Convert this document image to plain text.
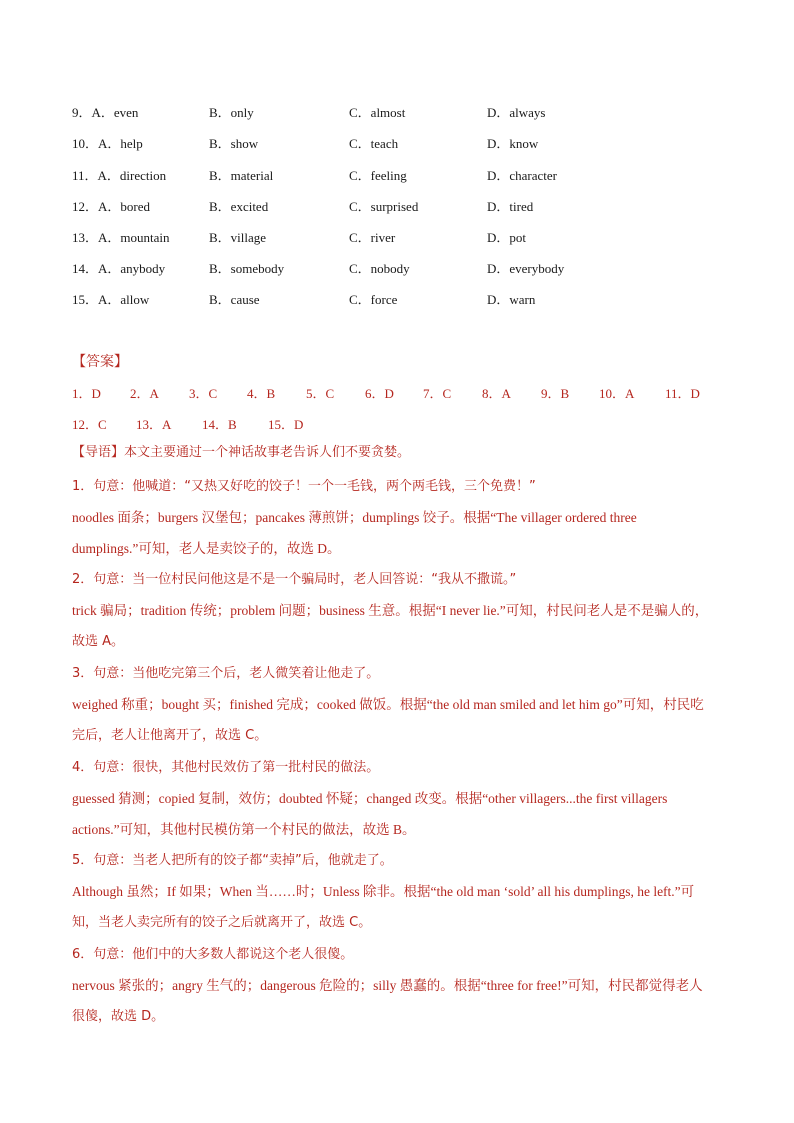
9．A．even	B．only	C．almost	D．always
10．A．help	B．show	C．teach	D．know
11．A．direction	B．material	C．feeling	D．character
12．A．bored	B．excited	C．surprised	D．tired
13．A．mountain	B．village	C．river	D．pot
14．A．anybody	B．somebody	C．nobody	D．everybody
15．A．allow	B．cause	C．force	D．warn
【答案】
1．D 2．A 3．C 4．B 5．C 6．D 7．C 8．A 9．B 10．A 11．D
12．C 13．A 14．B 15．D
【导语】本文主要通过一个神话故事老告诉人们不要贪婪。
1．句意：他喊道：“又热又好吃的饺子！一个一毛钱，两个两毛钱，三个免费！”
noodles 面条；burgers 汉堡包；pancakes 薄煎饼；dumplings 饺子。根据“The villager ordered three
dumplings.”可知，老人是卖饺子的，故选 D。
2．句意：当一位村民问他这是不是一个骗局时，老人回答说：“我从不撒谎。”
trick 骗局；tradition 传统；problem 问题；business 生意。根据“I never lie.”可知，村民问老人是不是骗人的，
故选 A。
3．句意：当他吃完第三个后，老人微笑着让他走了。
weighed 称重；bought 买；finished 完成；cooked 做饭。根据“the old man smiled and let him go”可知，村民吃
完后，老人让他离开了，故选 C。
4．句意：很快，其他村民效仿了第一批村民的做法。
guessed 猜测；copied 复制，效仿；doubted 怀疑；changed 改变。根据“other villagers...the first villagers
actions.”可知，其他村民模仿第一个村民的做法，故选 B。
5．句意：当老人把所有的饺子都“卖掉”后，他就走了。
Although 虽然；If 如果；When 当……时；Unless 除非。根据“the old man ‘sold’ all his dumplings, he left.”可
知，当老人卖完所有的饺子之后就离开了，故选 C。
6．句意：他们中的大多数人都说这个老人很傻。
nervous 紧张的；angry 生气的；dangerous 危险的；silly 愚蠢的。根据“three for free!”可知，村民都觉得老人
很傻，故选 D。
